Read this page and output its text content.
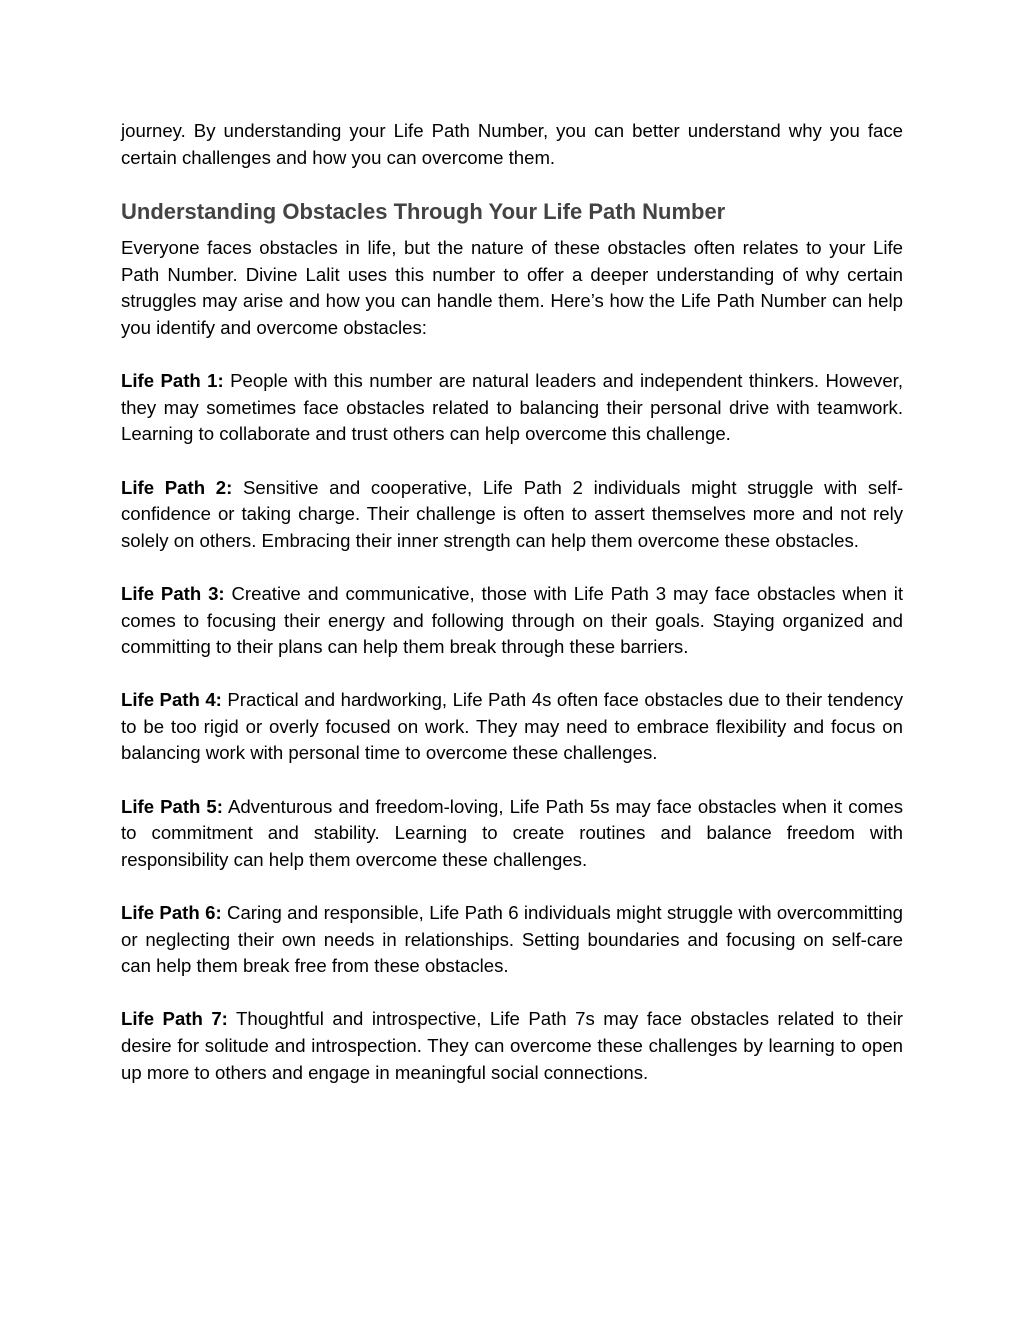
journey. By understanding your Life Path Number, you can better understand why you face certain challenges and how you can overcome them.

Understanding Obstacles Through Your Life Path Number

Everyone faces obstacles in life, but the nature of these obstacles often relates to your Life Path Number. Divine Lalit uses this number to offer a deeper understanding of why certain struggles may arise and how you can handle them. Here’s how the Life Path Number can help you identify and overcome obstacles:

Life Path 1: People with this number are natural leaders and independent thinkers. However, they may sometimes face obstacles related to balancing their personal drive with teamwork. Learning to collaborate and trust others can help overcome this challenge.

Life Path 2: Sensitive and cooperative, Life Path 2 individuals might struggle with self-confidence or taking charge. Their challenge is often to assert themselves more and not rely solely on others. Embracing their inner strength can help them overcome these obstacles.

Life Path 3: Creative and communicative, those with Life Path 3 may face obstacles when it comes to focusing their energy and following through on their goals. Staying organized and committing to their plans can help them break through these barriers.

Life Path 4: Practical and hardworking, Life Path 4s often face obstacles due to their tendency to be too rigid or overly focused on work. They may need to embrace flexibility and focus on balancing work with personal time to overcome these challenges.

Life Path 5: Adventurous and freedom-loving, Life Path 5s may face obstacles when it comes to commitment and stability. Learning to create routines and balance freedom with responsibility can help them overcome these challenges.

Life Path 6: Caring and responsible, Life Path 6 individuals might struggle with overcommitting or neglecting their own needs in relationships. Setting boundaries and focusing on self-care can help them break free from these obstacles.

Life Path 7: Thoughtful and introspective, Life Path 7s may face obstacles related to their desire for solitude and introspection. They can overcome these challenges by learning to open up more to others and engage in meaningful social connections.
